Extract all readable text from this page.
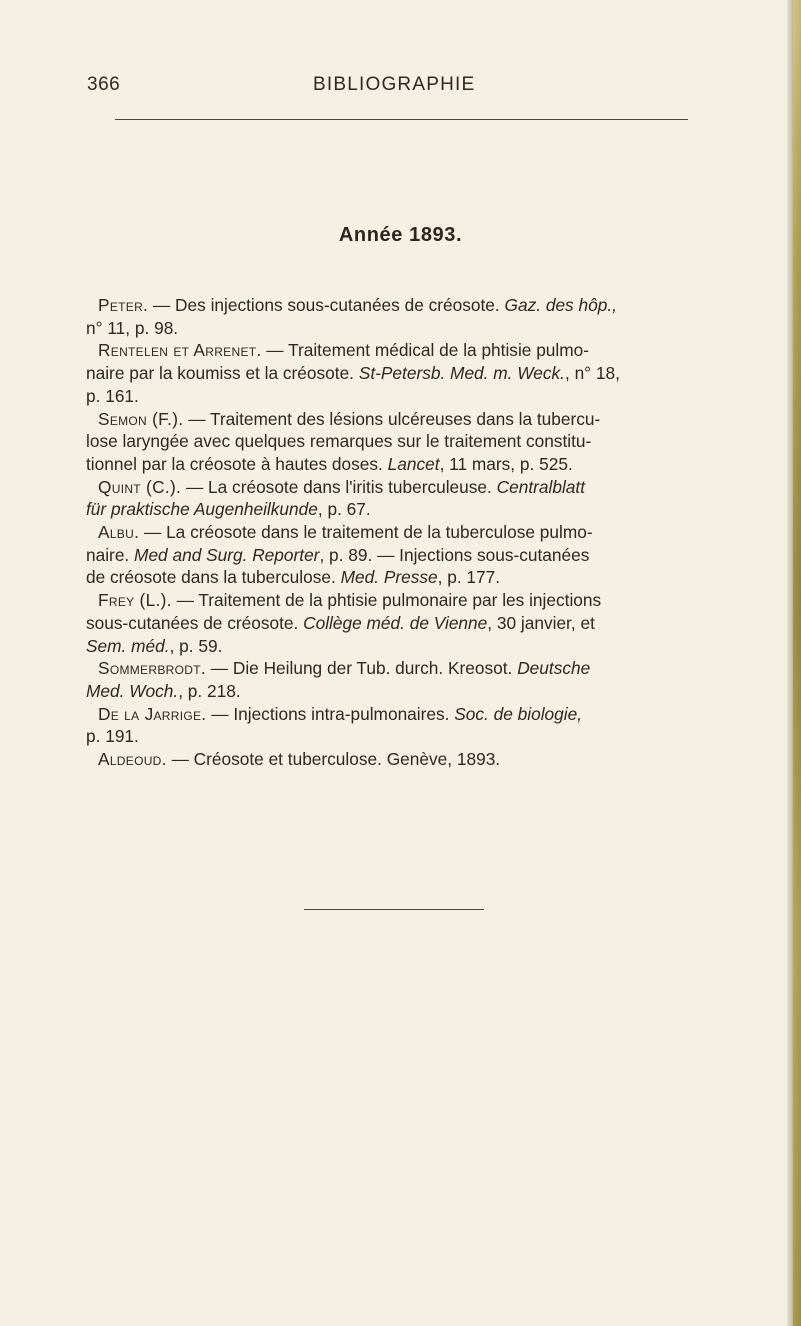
366	BIBLIOGRAPHIE
Année 1893.

Peter. — Des injections sous-cutanées de créosote. Gaz. des hôp.,
n° 11, p. 98.

Rentelen et Arrenet. — Traitement médical de la phtisie pulmo-
naire par la koumiss et la créosote. St-Petersb. Med. m. Weck., n° 18,
p. 161.

Semon (F.). — Traitement des lésions ulcéreuses dans la tubercu-
lose laryngée avec quelques remarques sur le traitement constitu-
tionnel par la créosote à hautes doses. Lancet, 11 mars, p. 525.

Quint (C.). — La créosote dans l'iritis tuberculeuse. Centralblatt
für praktische Augenheilkunde, p. 67.

Albu. — La créosote dans le traitement de la tuberculose pulmo-
naire. Med and Surg. Reporter, p. 89. — Injections sous-cutanées
de créosote dans la tuberculose. Med. Presse, p. 177.

Frey (L.). — Traitement de la phtisie pulmonaire par les injections
sous-cutanées de créosote. Collège méd. de Vienne, 30 janvier, et
Sem. méd., p. 59.

Sommerbrodt. — Die Heilung der Tub. durch. Kreosot. Deutsche
Med. Woch., p. 218.

De la Jarrige. — Injections intra-pulmonaires. Soc. de biologie,
p. 191.

Aldeoud. — Créosote et tuberculose. Genève, 1893.
